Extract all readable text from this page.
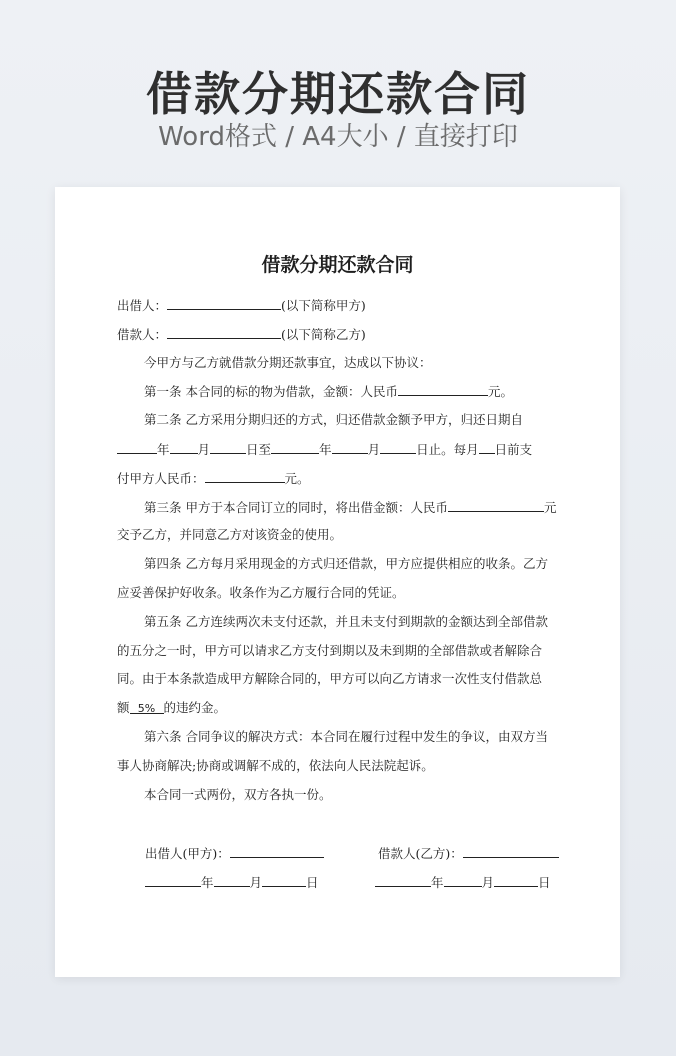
借款分期还款合同
Word格式 / A4大小 / 直接打印
借款分期还款合同
出借人：	(以下简称甲方)
借款人：	(以下简称乙方)
今甲方与乙方就借款分期还款事宜，达成以下协议：
第一条 本合同的标的物为借款，金额：人民币	元。
第二条 乙方采用分期归还的方式，归还借款金额予甲方，归还日期自
年 月	日至	年	月	日止。每月 日前支
付甲方人民币：	元。
第三条 甲方于本合同订立的同时，将出借金额：人民币	元
交予乙方，并同意乙方对该资金的使用。
第四条 乙方每月采用现金的方式归还借款，甲方应提供相应的收条。乙方
应妥善保护好收条。收条作为乙方履行合同的凭证。
第五条 乙方连续两次未支付还款，并且未支付到期款的金额达到全部借款
的五分之一时，甲方可以请求乙方支付到期以及未到期的全部借款或者解除合
同。由于本条款造成甲方解除合同的，甲方可以向乙方请求一次性支付借款总
额 5% 的违约金。
第六条 合同争议的解决方式：本合同在履行过程中发生的争议，由双方当
事人协商解决;协商或调解不成的，依法向人民法院起诉。
本合同一式两份，双方各执一份。
出借人(甲方)：	借款人(乙方)：
年	月	日	年	月	日
